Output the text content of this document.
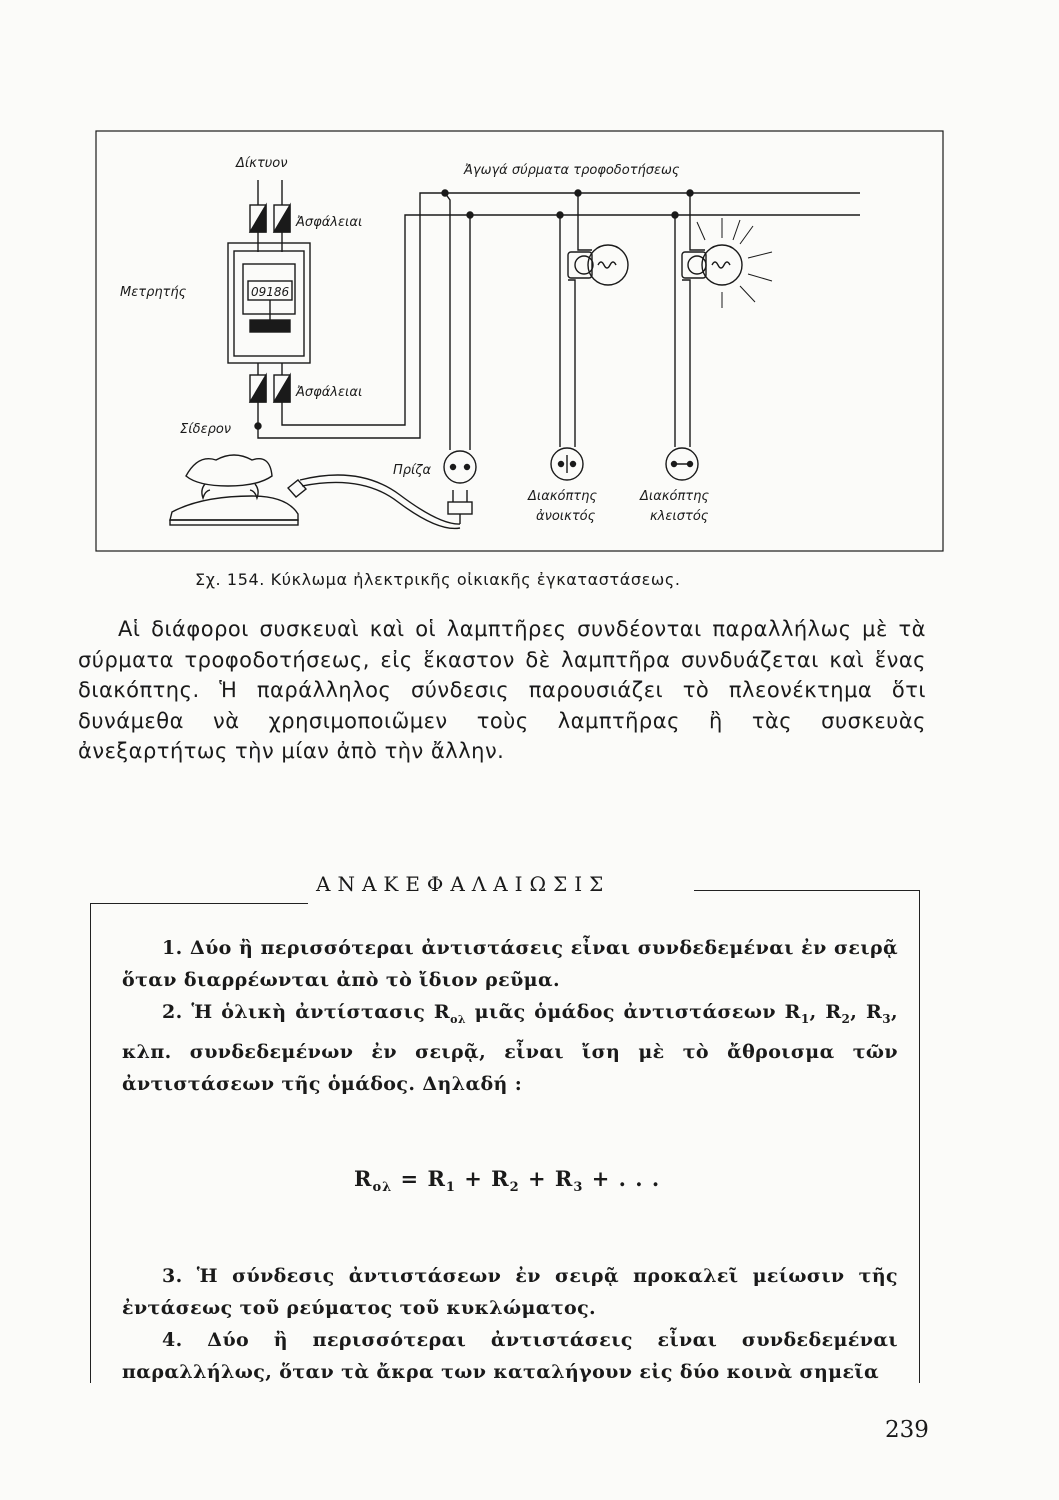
Δίκτυον
Ἀσφάλειαι
Μετρητής	09186
Ἀσφάλειαι
Σίδερον
Πρίζα
Ἀγωγά σύρματα τροφοδοτήσεως
Διακόπτης
ἀνοικτός
Διακόπτης
κλειστός
Σχ. 154. Κύκλωμα ἠλεκτρικῆς οἰκιακῆς ἐγκαταστάσεως.
Αἱ διάφοροι συσκευαὶ καὶ οἱ λαμπτῆρες συνδέονται παραλλήλως μὲ τὰ σύρματα τροφοδοτήσεως, εἰς ἕκαστον δὲ λαμπτῆρα συνδυάζεται καὶ ἕνας διακόπτης. Ἡ παράλληλος σύνδεσις παρουσιάζει τὸ πλεονέκτημα ὅτι δυνάμεθα νὰ χρησιμοποιῶμεν τοὺς λαμπτῆρας ἢ τὰς συσκευὰς ἀνεξαρτήτως τὴν μίαν ἀπὸ τὴν ἄλλην.
ΑΝΑΚΕΦΑΛΑΙΩΣΙΣ

1. Δύο ἢ περισσότεραι ἀντιστάσεις εἶναι συνδεδεμέναι ἐν σειρᾷ ὅταν διαρρέωνται ἀπὸ τὸ ἴδιον ρεῦμα.

2. Ἡ ὁλικὴ ἀντίστασις $R_{o\lambda}$ μιᾶς ὁμάδος ἀντιστάσεων $R_1$, $R_2$, $R_3$, κλπ. συνδεδεμένων ἐν σειρᾷ, εἶναι ἴση μὲ τὸ ἄθροισμα τῶν ἀντιστάσεων τῆς ὁμάδος. Δηλαδή :

3. Ἡ σύνδεσις ἀντιστάσεων ἐν σειρᾷ προκαλεῖ μείωσιν τῆς ἐντάσεως τοῦ ρεύματος τοῦ κυκλώματος.

4. Δύο ἢ περισσότεραι ἀντιστάσεις εἶναι συνδεδεμέναι παραλλήλως, ὅταν τὰ ἄκρα των καταλήγουν εἰς δύο κοινὰ σημεῖα

$R_{o\lambda} = R_1 + R_2 + R_3$ + . . .
239
